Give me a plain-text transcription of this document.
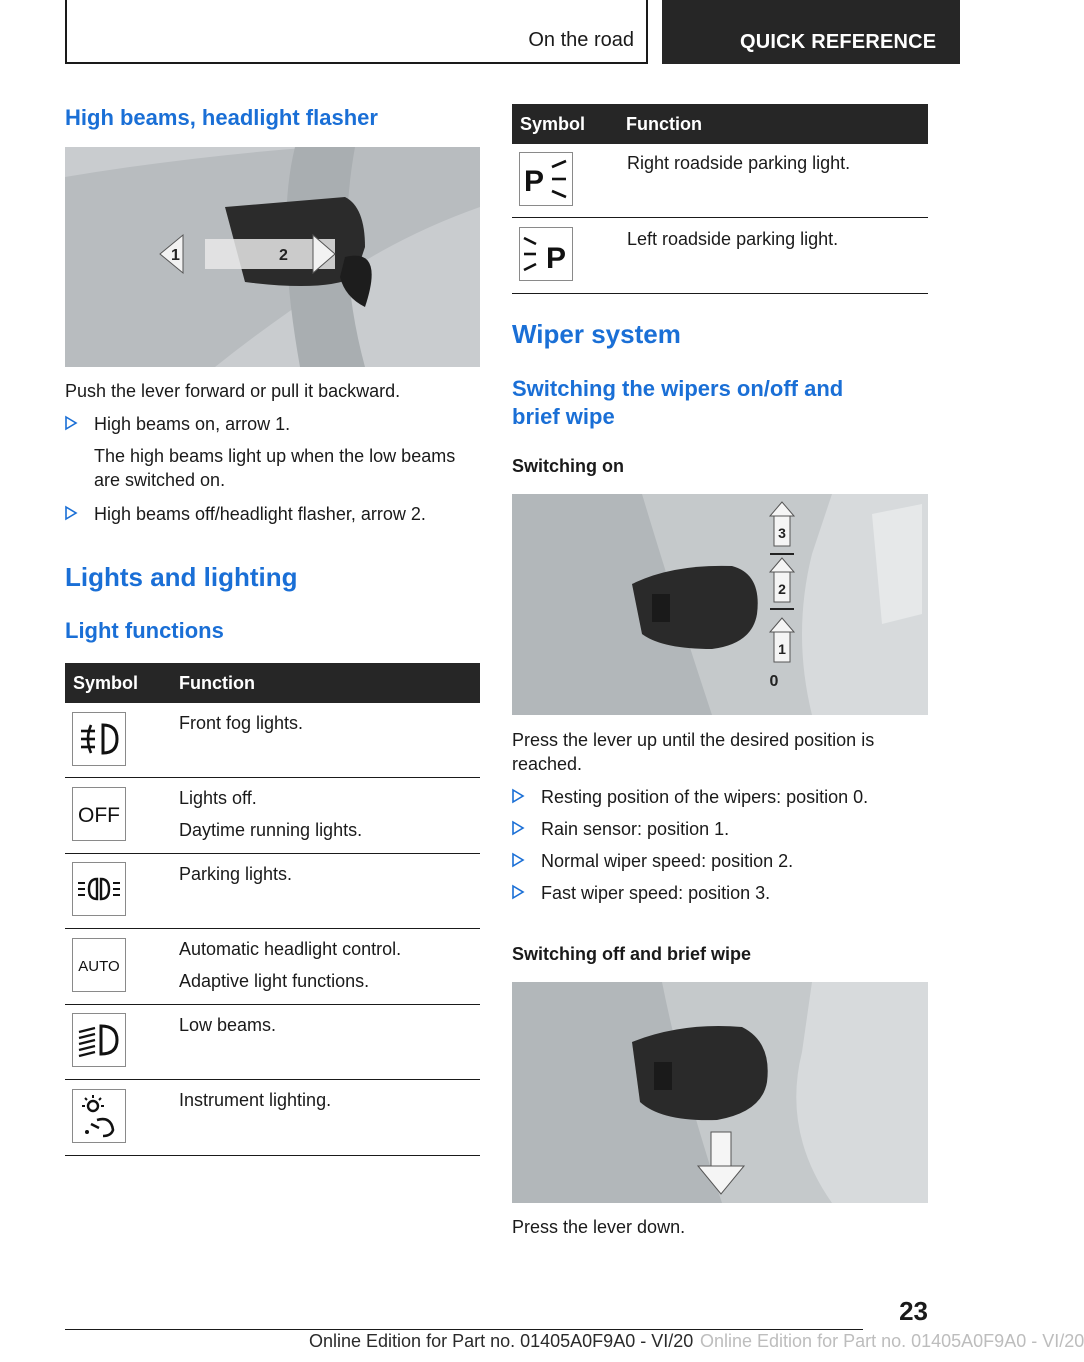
On the road	QUICK REFERENCE
High beams, headlight flasher
1	2
Push the lever forward or pull it backward.
High beams on, arrow 1.
The high beams light up when the low beams
are switched on.
High beams off/headlight flasher, arrow 2.
Lights and lighting
Light functions
Symbol Function
Front fog lights.
OFF
Lights off.
Daytime running lights.
Parking lights.
AUTO
Automatic headlight control.
Adaptive light functions.
Low beams.
Instrument lighting.
Symbol Function
P
Right roadside parking light.
P
Left roadside parking light.
Wiper system
Switching the wipers on/off and
brief wipe
Switching on
3
2
1
0
Press the lever up until the desired position is
reached.
Resting position of the wipers: position 0.
Rain sensor: position 1.
Normal wiper speed: position 2.
Fast wiper speed: position 3.
Switching off and brief wipe
Press the lever down.
23
Online Edition for Part no. 01405A0F9A0 - VI/20 Online Edition for Part no. 01405A0F9A0 - VI/20
